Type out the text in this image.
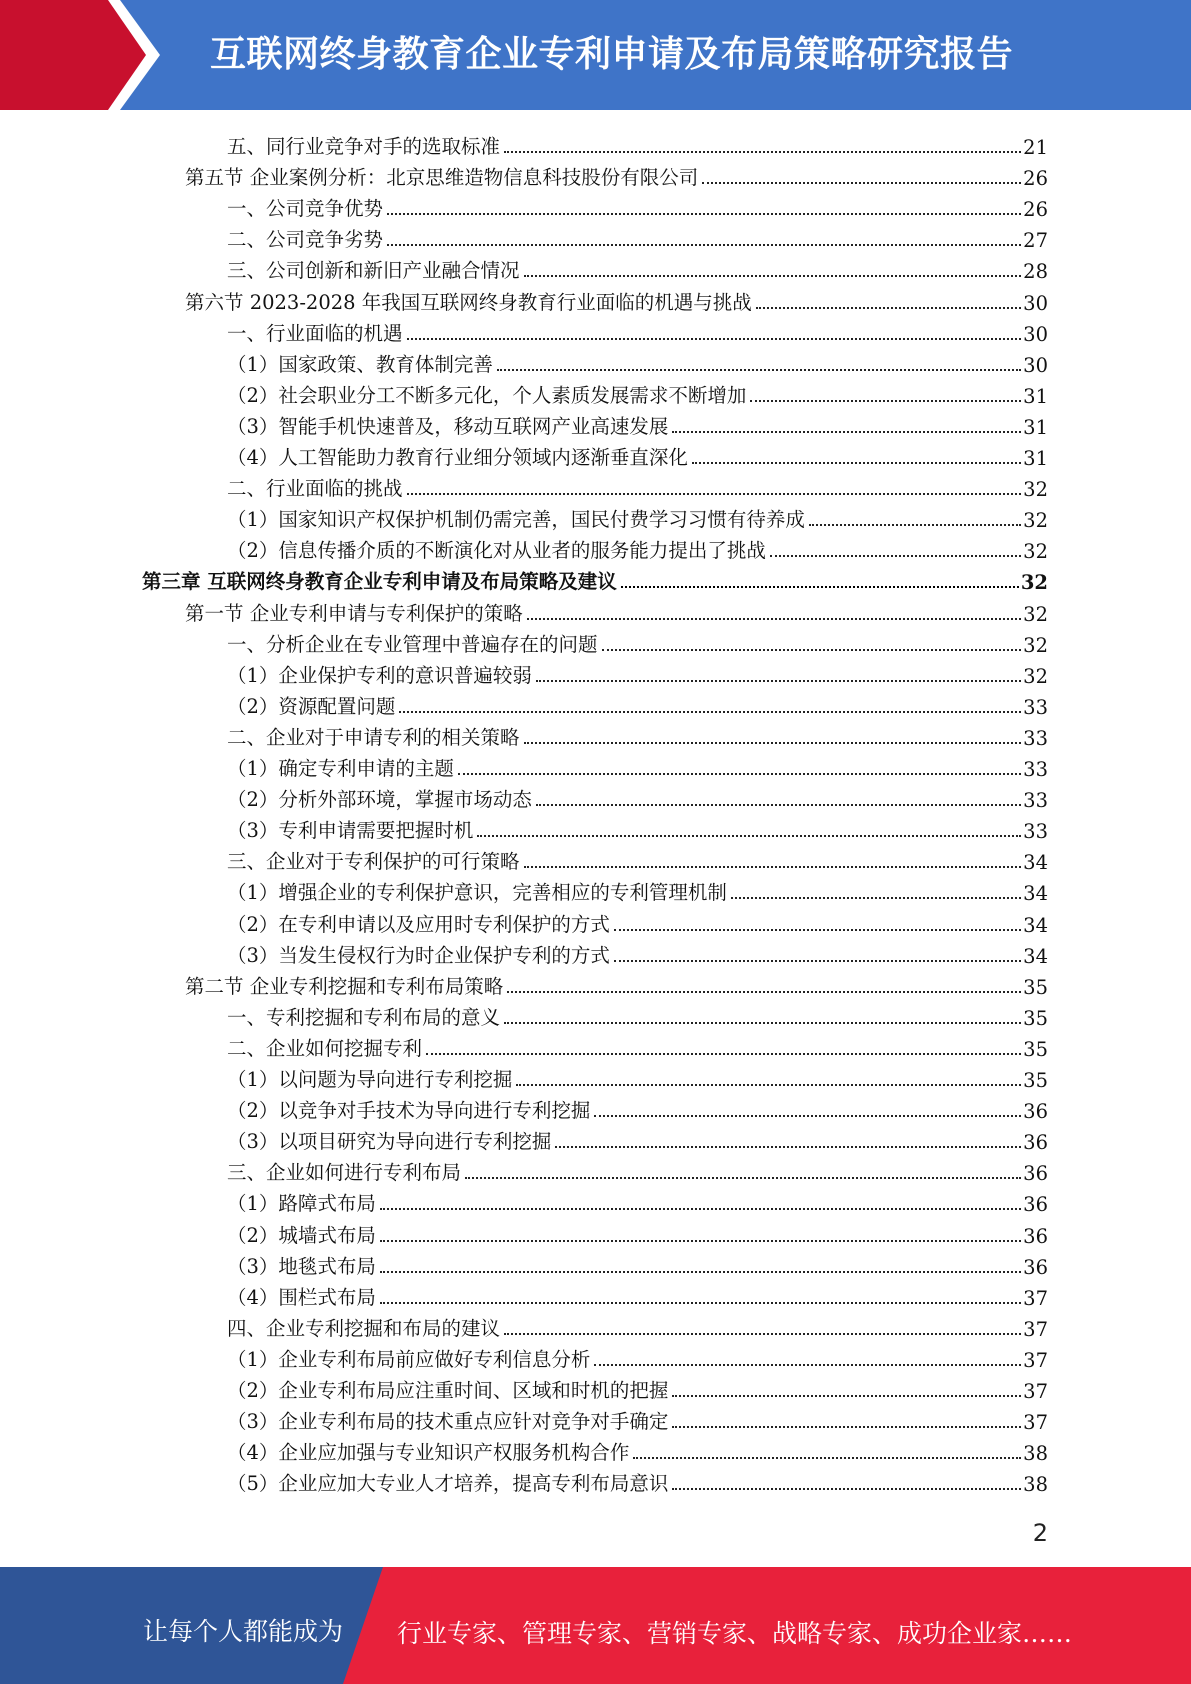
互联网终身教育企业专利申请及布局策略研究报告
五、同行业竞争对手的选取标准	21
第五节 企业案例分析：北京思维造物信息科技股份有限公司	26
一、公司竞争优势	26
二、公司竞争劣势	27
三、公司创新和新旧产业融合情况	28
第六节 2023-2028 年我国互联网终身教育行业面临的机遇与挑战	30
一、行业面临的机遇	30
（1）国家政策、教育体制完善	30
（2）社会职业分工不断多元化，个人素质发展需求不断增加	31
（3）智能手机快速普及，移动互联网产业高速发展	31
（4）人工智能助力教育行业细分领域内逐渐垂直深化	31
二、行业面临的挑战	32
（1）国家知识产权保护机制仍需完善，国民付费学习习惯有待养成	32
（2）信息传播介质的不断演化对从业者的服务能力提出了挑战	32
第三章 互联网终身教育企业专利申请及布局策略及建议	32
第一节 企业专利申请与专利保护的策略	32
一、分析企业在专业管理中普遍存在的问题	32
（1）企业保护专利的意识普遍较弱	32
（2）资源配置问题	33
二、企业对于申请专利的相关策略	33
（1）确定专利申请的主题	33
（2）分析外部环境，掌握市场动态	33
（3）专利申请需要把握时机	33
三、企业对于专利保护的可行策略	34
（1）增强企业的专利保护意识，完善相应的专利管理机制	34
（2）在专利申请以及应用时专利保护的方式	34
（3）当发生侵权行为时企业保护专利的方式	34
第二节 企业专利挖掘和专利布局策略	35
一、专利挖掘和专利布局的意义	35
二、企业如何挖掘专利	35
（1）以问题为导向进行专利挖掘	35
（2）以竞争对手技术为导向进行专利挖掘	36
（3）以项目研究为导向进行专利挖掘	36
三、企业如何进行专利布局	36
（1）路障式布局	36
（2）城墙式布局	36
（3）地毯式布局	36
（4）围栏式布局	37
四、企业专利挖掘和布局的建议	37
（1）企业专利布局前应做好专利信息分析	37
（2）企业专利布局应注重时间、区域和时机的把握	37
（3）企业专利布局的技术重点应针对竞争对手确定	37
（4）企业应加强与专业知识产权服务机构合作	38
（5）企业应加大专业人才培养，提高专利布局意识	38
2
让每个人都能成为 行业专家、管理专家、营销专家、战略专家、成功企业家……
